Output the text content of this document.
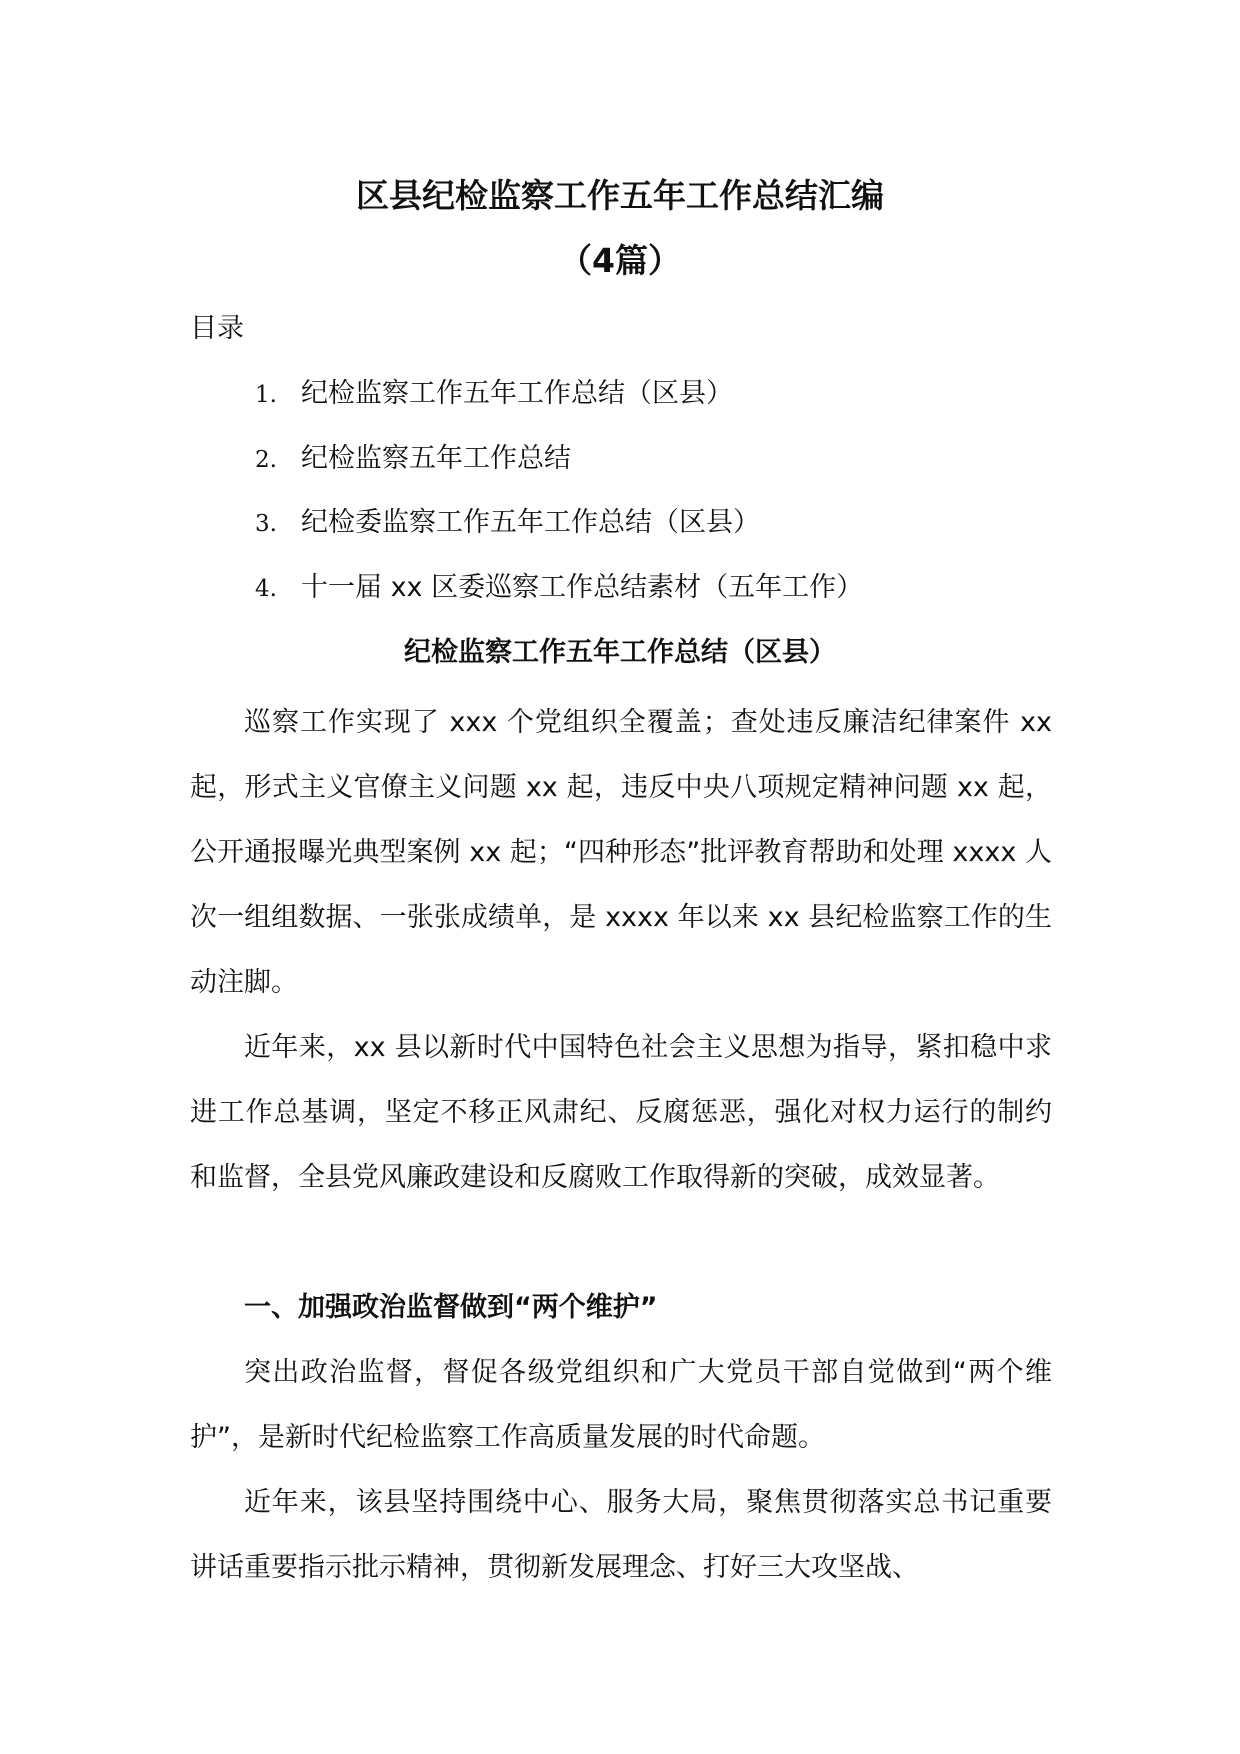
区县纪检监察工作五年工作总结汇编
（4篇）
目录
1. 纪检监察工作五年工作总结（区县）
2. 纪检监察五年工作总结
3. 纪检委监察工作五年工作总结（区县）
4. 十一届 xx 区委巡察工作总结素材（五年工作）
纪检监察工作五年工作总结（区县）

巡察工作实现了 xxx 个党组织全覆盖；查处违反廉洁纪律案件 xx 起，形式主义官僚主义问题 xx 起，违反中央八项规定精神问题 xx 起，公开通报曝光典型案例 xx 起；“四种形态”批评教育帮助和处理 xxxx 人次一组组数据、一张张成绩单，是 xxxx 年以来 xx 县纪检监察工作的生动注脚。

近年来，xx 县以新时代中国特色社会主义思想为指导，紧扣稳中求进工作总基调，坚定不移正风肃纪、反腐惩恶，强化对权力运行的制约和监督，全县党风廉政建设和反腐败工作取得新的突破，成效显著。

一、加强政治监督做到“两个维护”

突出政治监督，督促各级党组织和广大党员干部自觉做到“两个维护”，是新时代纪检监察工作高质量发展的时代命题。

近年来，该县坚持围绕中心、服务大局，聚焦贯彻落实总书记重要讲话重要指示批示精神，贯彻新发展理念、打好三大攻坚战、
